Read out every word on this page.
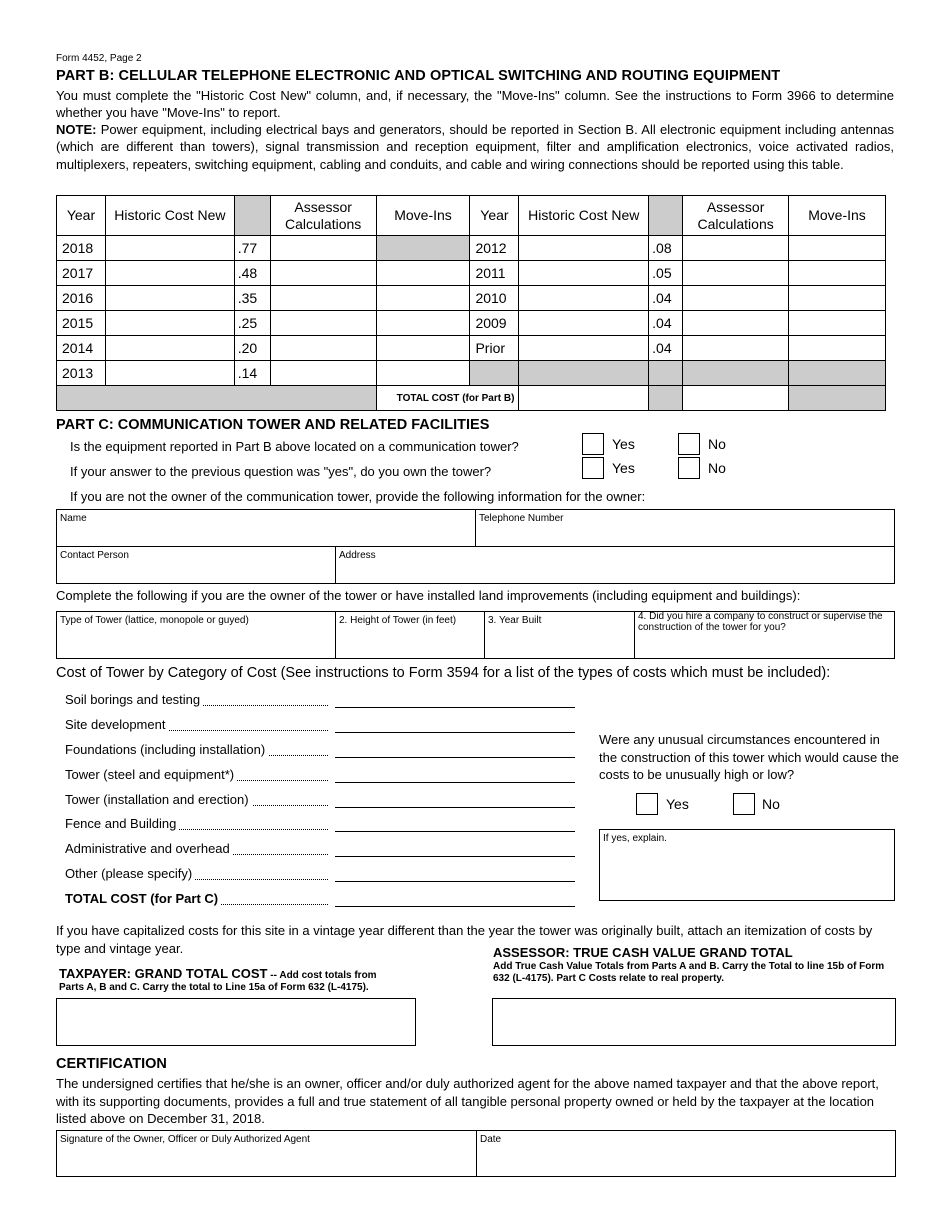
Form 4452, Page 2
PART B: CELLULAR TELEPHONE ELECTRONIC AND OPTICAL SWITCHING AND ROUTING EQUIPMENT
You must complete the "Historic Cost New" column, and, if necessary, the "Move-Ins" column. See the instructions to Form 3966 to determine whether you have "Move-Ins" to report.
NOTE: Power equipment, including electrical bays and generators, should be reported in Section B. All electronic equipment including antennas (which are different than towers), signal transmission and reception equipment, filter and amplification electronics, voice activated radios, multiplexers, repeaters, switching equipment, cabling and conduits, and cable and wiring connections should be reported using this table.
Year	Historic Cost New		Assessor Calculations	Move-Ins	Year	Historic Cost New		Assessor Calculations	Move-Ins
2018		.77			2012		.08		
2017		.48			2011		.05		
2016		.35			2010		.04		
2015		.25			2009		.04		
2014		.20			Prior		.04		
2013		.14							
				TOTAL COST (for Part B)					
PART C: COMMUNICATION TOWER AND RELATED FACILITIES
Is the equipment reported in Part B above located on a communication tower?	Yes	No
If your answer to the previous question was "yes", do you own the tower?	Yes	No
If you are not the owner of the communication tower, provide the following information for the owner:
Name	Telephone Number
Contact Person	Address
Complete the following if you are the owner of the tower or have installed land improvements (including equipment and buildings):
Type of Tower (lattice, monopole or guyed)	2. Height of Tower (in feet)	3. Year Built	4. Did you hire a company to construct or supervise the construction of the tower for you?
Cost of Tower by Category of Cost (See instructions to Form 3594 for a list of the types of costs which must be included):
Soil borings and testing
Site development
Foundations (including installation)
Tower (steel and equipment*)
Tower (installation and erection)
Fence and Building
Administrative and overhead
Other (please specify)
TOTAL COST (for Part C)
Were any unusual circumstances encountered in the construction of this tower which would cause the costs to be unusually high or low?
Yes	No
If yes, explain.
If you have capitalized costs for this site in a vintage year different than the year the tower was originally built, attach an itemization of costs by type and vintage year.
TAXPAYER: GRAND TOTAL COST -- Add cost totals from
Parts A, B and C. Carry the total to Line 15a of Form 632 (L-4175).
ASSESSOR: TRUE CASH VALUE GRAND TOTAL
Add True Cash Value Totals from Parts A and B. Carry the Total to line 15b of Form 632 (L-4175). Part C Costs relate to real property.
CERTIFICATION
The undersigned certifies that he/she is an owner, officer and/or duly authorized agent for the above named taxpayer and that the above report, with its supporting documents, provides a full and true statement of all tangible personal property owned or held by the taxpayer at the location listed above on December 31, 2018.
Signature of the Owner, Officer or Duly Authorized Agent	Date
